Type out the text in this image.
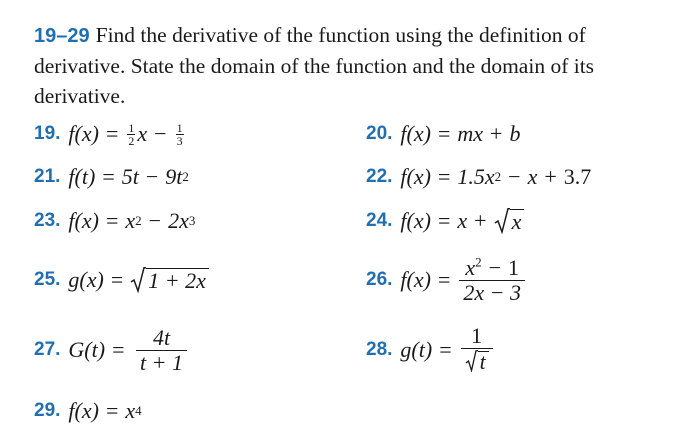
19–29 Find the derivative of the function using the definition of derivative. State the domain of the function and the domain of its derivative.
19. $f(x) = \frac{1}{2}$ $x - \frac{1}{3}$	20. f(x) = mx + b
21. f(t) = 5t − 9t 2	22. f(x) = 1.5x 2 − x + 3.7
23. f(x) = x 2 − 2x 3	24. f(x) = x + x
25. g(x) = 1 + 2x	26. $f(x) = \frac{x^2 - 1}{2x - 3}$
27. $G(t) = \frac{4t}{t + 1}$	28. $g(t) = \frac{1}{t}$
29. f(x) = x 4
